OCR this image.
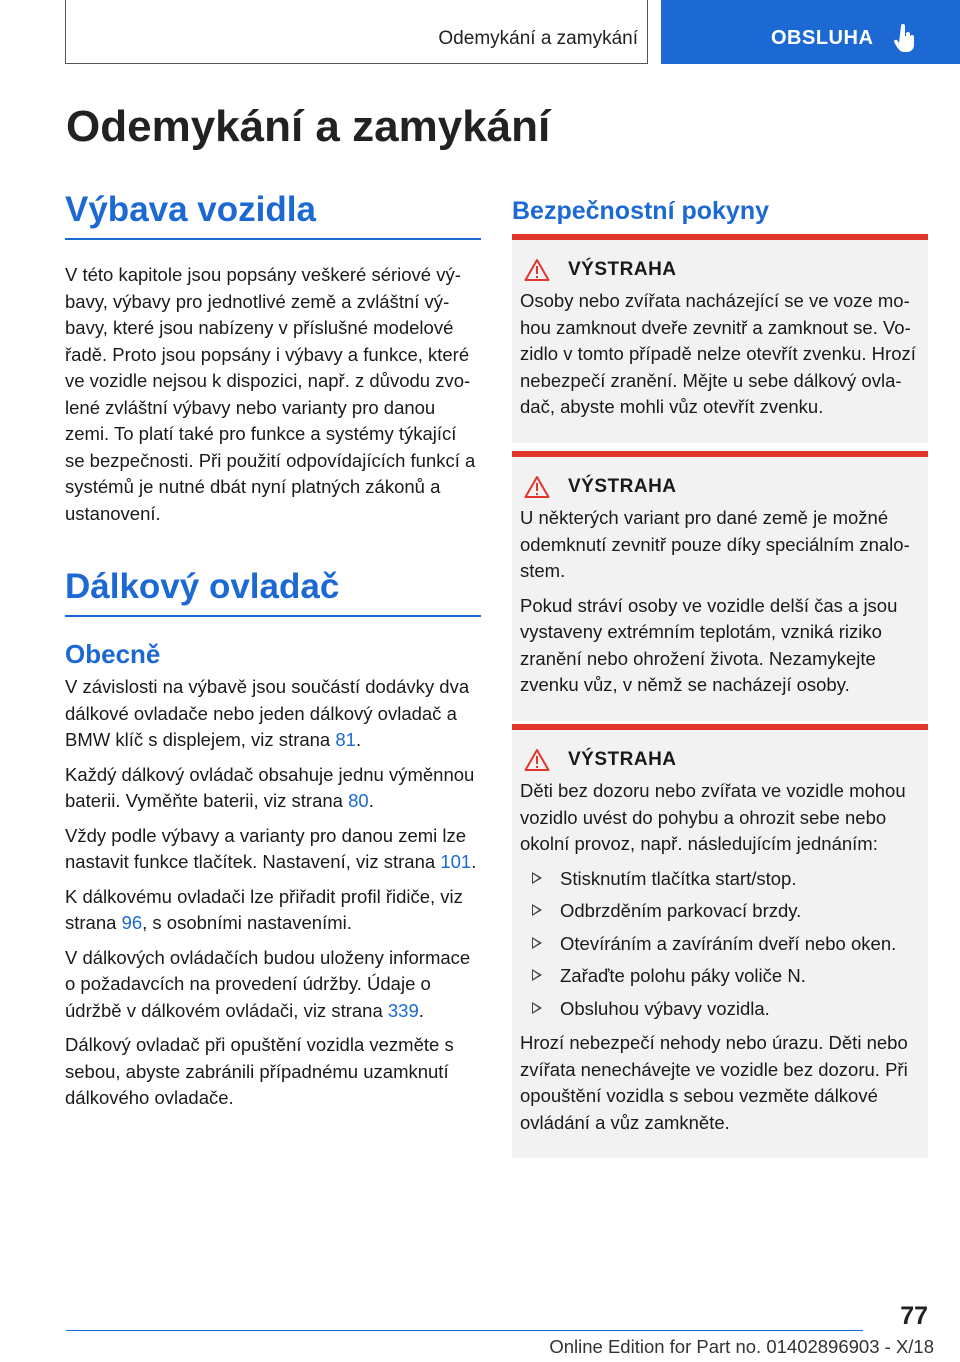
Odemykání a zamykání	OBSLUHA
Odemykání a zamykání
Výbava vozidla

V této kapitole jsou popsány veškeré sériové výbavy, výbavy pro jednotlivé země a zvláštní výbavy, které jsou nabízeny v příslušné modelové řadě. Proto jsou popsány i výbavy a funkce, které ve vozidle nejsou k dispozici, např. z důvodu zvolené zvláštní výbavy nebo varianty pro danou zemi. To platí také pro funkce a systémy týkající se bezpečnosti. Při použití odpovídajících funkcí a systémů je nutné dbát nyní platných zákonů a ustanovení.

Dálkový ovladač
Obecně

V závislosti na výbavě jsou součástí dodávky dva dálkové ovladače nebo jeden dálkový ovladač a BMW klíč s displejem, viz strana 81.

Každý dálkový ovládač obsahuje jednu výměnnou baterii. Vyměňte baterii, viz strana 80.

Vždy podle výbavy a varianty pro danou zemi lze nastavit funkce tlačítek. Nastavení, viz strana 101.

K dálkovému ovladači lze přiřadit profil řidiče, viz strana 96, s osobními nastaveními.

V dálkových ovládačích budou uloženy informace o požadavcích na provedení údržby. Údaje o údržbě v dálkovém ovládači, viz strana 339.

Dálkový ovladač při opuštění vozidla vezměte s sebou, abyste zabránili případnému uzamknutí dálkového ovladače.

Bezpečnostní pokyny
VÝSTRAHA

Osoby nebo zvířata nacházející se ve voze mohou zamknout dveře zevnitř a zamknout se. Vozidlo v tomto případě nelze otevřít zvenku. Hrozí nebezpečí zranění. Mějte u sebe dálkový ovladač, abyste mohli vůz otevřít zvenku.

VÝSTRAHA

U některých variant pro dané země je možné odemknutí zevnitř pouze díky speciálním znalostem.

Pokud stráví osoby ve vozidle delší čas a jsou vystaveny extrémním teplotám, vzniká riziko zranění nebo ohrožení života. Nezamykejte zvenku vůz, v němž se nacházejí osoby.

VÝSTRAHA

Děti bez dozoru nebo zvířata ve vozidle mohou vozidlo uvést do pohybu a ohrozit sebe nebo okolní provoz, např. následujícím jednáním:

Stisknutím tlačítka start/stop.
Odbrzděním parkovací brzdy.
Otevíráním a zavíráním dveří nebo oken.
Zařaďte polohu páky voliče N.
Obsluhou výbavy vozidla.

Hrozí nebezpečí nehody nebo úrazu. Děti nebo zvířata nenechávejte ve vozidle bez dozoru. Při opouštění vozidla s sebou vezměte dálkové ovládání a vůz zamkněte.

77
Online Edition for Part no. 01402896903 - X/18
